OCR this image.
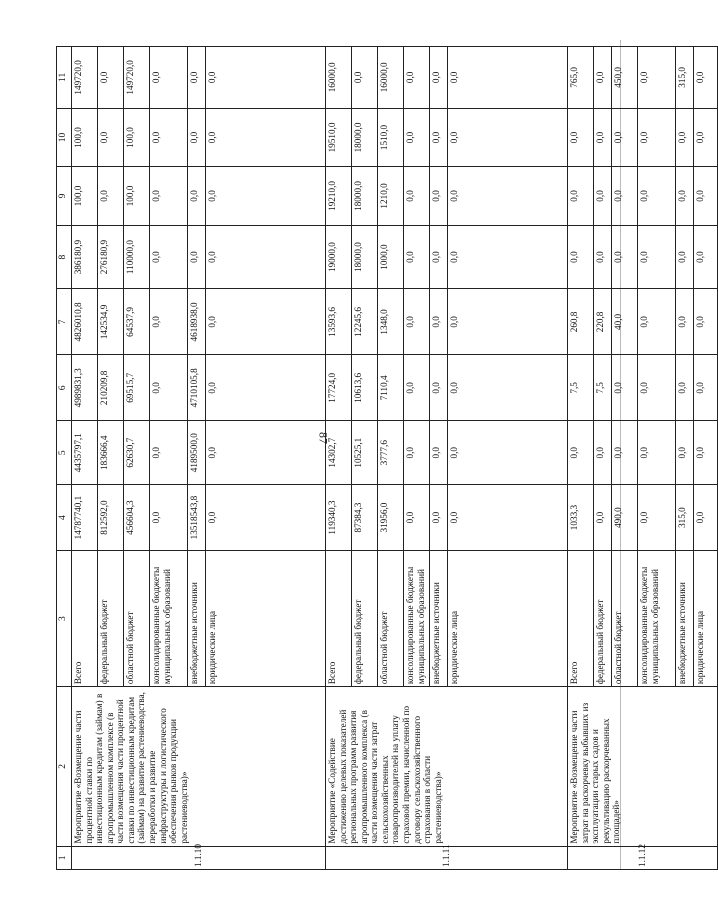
87
1	2	3	4	5	6	7	8	9	10	11
1.1.10	Мероприятие «Возмещение части процентной ставки по инвестиционным кредитам (займам) в агропромышленном комплексе (в части возмещения части процентной ставки по инвестиционным кредитам (займам) на развитие растениеводства, переработки и развитие инфраструктуры и логистического обеспечения рынков продукции растениеводства)»	Всего	14787740,1	4435797,1	4989831,3	4826010,8	386180,9	100,0	100,0	149720,0
		федеральный бюджет	812592,0	183666,4	210209,8	142534,9	276180,9	0,0	0,0	0,0
		областной бюджет	456604,3	62630,7	69515,7	64537,9	110000,0	100,0	100,0	149720,0
		консолидированные бюджеты муниципальных образований	0,0	0,0	0,0	0,0	0,0	0,0	0,0	0,0
		внебюджетные источники	13518543,8	4189500,0	4710105,8	4618938,0	0,0	0,0	0,0	0,0
		юридические лица	0,0	0,0	0,0	0,0	0,0	0,0	0,0	0,0
1.1.11	Мероприятие «Содействие достижению целевых показателей региональных программ развития агропромышленного комплекса (в части возмещения части затрат сельскохозяйственных товаропроизводителей на уплату страховой премии, начисленной по договору сельскохозяйственного страхования в области растениеводства)»	Всего	119340,3	14302,7	17724,0	13593,6	19000,0	19210,0	19510,0	16000,0
		федеральный бюджет	87384,3	10525,1	10613,6	12245,6	18000,0	18000,0	18000,0	0,0
		областной бюджет	31956,0	3777,6	7110,4	1348,0	1000,0	1210,0	1510,0	16000,0
		консолидированные бюджеты муниципальных образований	0,0	0,0	0,0	0,0	0,0	0,0	0,0	0,0
		внебюджетные источники	0,0	0,0	0,0	0,0	0,0	0,0	0,0	0,0
		юридические лица	0,0	0,0	0,0	0,0	0,0	0,0	0,0	0,0
1.1.12	Мероприятие «Возмещение части затрат на раскорчевку выбывших из эксплуатации старых садов и рекультивацию раскорчеванных площадей»	Всего	1033,3	0,0	7,5	260,8	0,0	0,0	0,0	765,0
		федеральный бюджет	0,0	0,0	7,5	220,8	0,0	0,0	0,0	0,0
		областной бюджет	490,0	0,0	0,0	40,0	0,0	0,0	0,0	450,0
		консолидированные бюджеты муниципальных образований	0,0	0,0	0,0	0,0	0,0	0,0	0,0	0,0
		внебюджетные источники	315,0	0,0	0,0	0,0	0,0	0,0	0,0	315,0
		юридические лица	0,0	0,0	0,0	0,0	0,0	0,0	0,0	0,0
